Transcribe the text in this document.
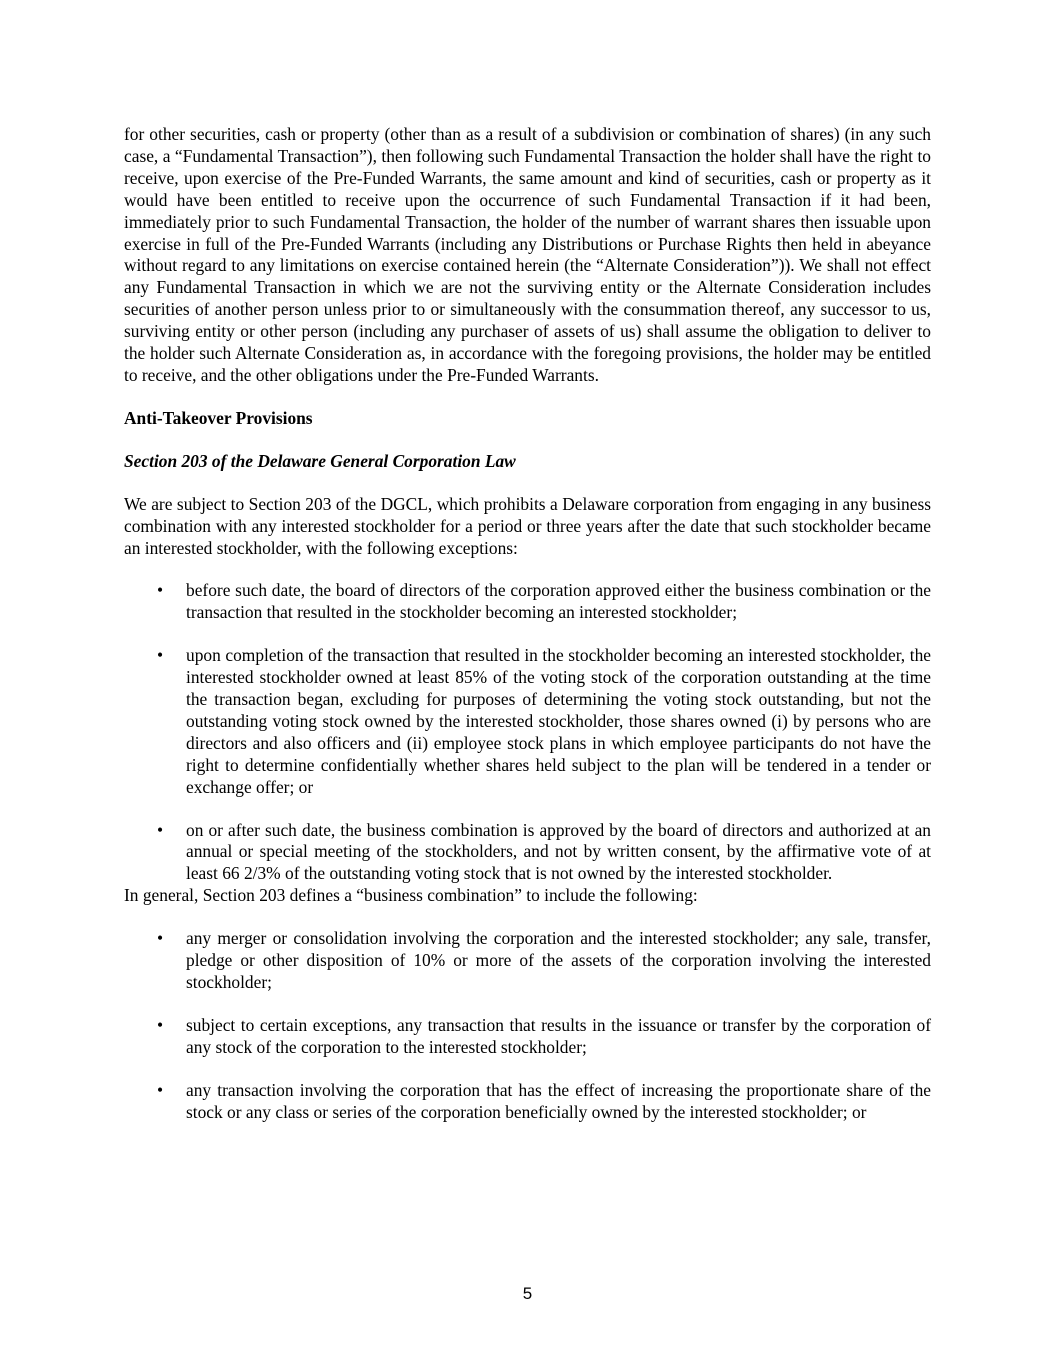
for other securities, cash or property (other than as a result of a subdivision or combination of shares) (in any such case, a “Fundamental Transaction”), then following such Fundamental Transaction the holder shall have the right to receive, upon exercise of the Pre-Funded Warrants, the same amount and kind of securities, cash or property as it would have been entitled to receive upon the occurrence of such Fundamental Transaction if it had been, immediately prior to such Fundamental Transaction, the holder of the number of warrant shares then issuable upon exercise in full of the Pre-Funded Warrants (including any Distributions or Purchase Rights then held in abeyance without regard to any limitations on exercise contained herein (the “Alternate Consideration”)). We shall not effect any Fundamental Transaction in which we are not the surviving entity or the Alternate Consideration includes securities of another person unless prior to or simultaneously with the consummation thereof, any successor to us, surviving entity or other person (including any purchaser of assets of us) shall assume the obligation to deliver to the holder such Alternate Consideration as, in accordance with the foregoing provisions, the holder may be entitled to receive, and the other obligations under the Pre-Funded Warrants.

Anti-Takeover Provisions

Section 203 of the Delaware General Corporation Law

We are subject to Section 203 of the DGCL, which prohibits a Delaware corporation from engaging in any business combination with any interested stockholder for a period or three years after the date that such stockholder became an interested stockholder, with the following exceptions:

• before such date, the board of directors of the corporation approved either the business combination or the transaction that resulted in the stockholder becoming an interested stockholder;
• upon completion of the transaction that resulted in the stockholder becoming an interested stockholder, the interested stockholder owned at least 85% of the voting stock of the corporation outstanding at the time the transaction began, excluding for purposes of determining the voting stock outstanding, but not the outstanding voting stock owned by the interested stockholder, those shares owned (i) by persons who are directors and also officers and (ii) employee stock plans in which employee participants do not have the right to determine confidentially whether shares held subject to the plan will be tendered in a tender or exchange offer; or
• on or after such date, the business combination is approved by the board of directors and authorized at an annual or special meeting of the stockholders, and not by written consent, by the affirmative vote of at least 66 2/3% of the outstanding voting stock that is not owned by the interested stockholder.

In general, Section 203 defines a “business combination” to include the following:

• any merger or consolidation involving the corporation and the interested stockholder; any sale, transfer, pledge or other disposition of 10% or more of the assets of the corporation involving the interested stockholder;
• subject to certain exceptions, any transaction that results in the issuance or transfer by the corporation of any stock of the corporation to the interested stockholder;
• any transaction involving the corporation that has the effect of increasing the proportionate share of the stock or any class or series of the corporation beneficially owned by the interested stockholder; or
5
